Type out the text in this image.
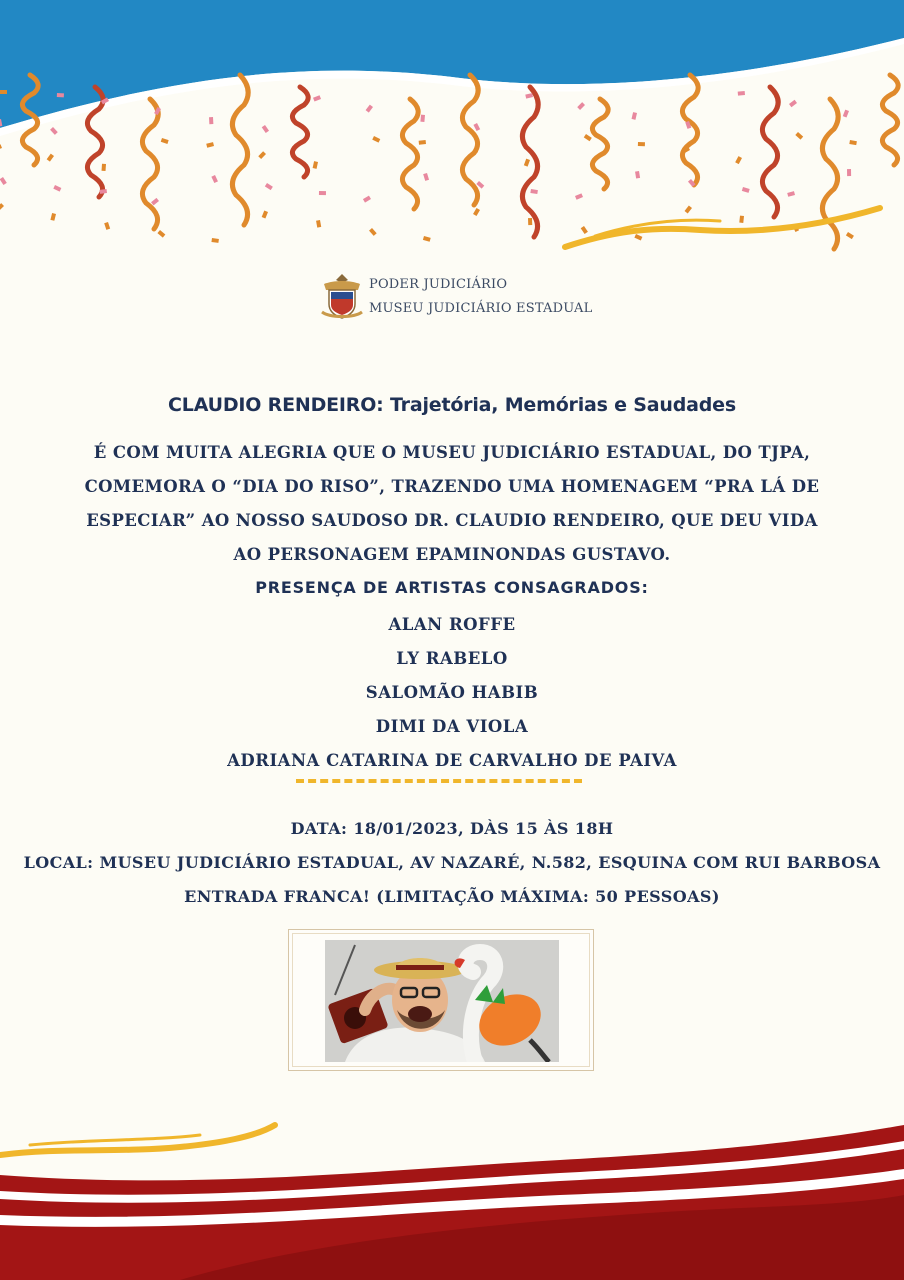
PODER JUDICIÁRIO
MUSEU JUDICIÁRIO ESTADUAL
CLAUDIO RENDEIRO: Trajetória, Memórias e Saudades
É COM MUITA ALEGRIA QUE O MUSEU JUDICIÁRIO ESTADUAL, DO TJPA,
COMEMORA O “DIA DO RISO”, TRAZENDO UMA HOMENAGEM “PRA LÁ DE
ESPECIAR” AO NOSSO SAUDOSO DR. CLAUDIO RENDEIRO, QUE DEU VIDA
AO PERSONAGEM EPAMINONDAS GUSTAVO.
PRESENÇA DE ARTISTAS CONSAGRADOS:
ALAN ROFFE
LY RABELO
SALOMÃO HABIB
DIMI DA VIOLA
ADRIANA CATARINA DE CARVALHO DE PAIVA

DATA: 18/01/2023, DÀS 15 ÀS 18H

LOCAL: MUSEU JUDICIÁRIO ESTADUAL, AV NAZARÉ, N.582, ESQUINA COM RUI BARBOSA

ENTRADA FRANCA! (LIMITAÇÃO MÁXIMA: 50 PESSOAS)
